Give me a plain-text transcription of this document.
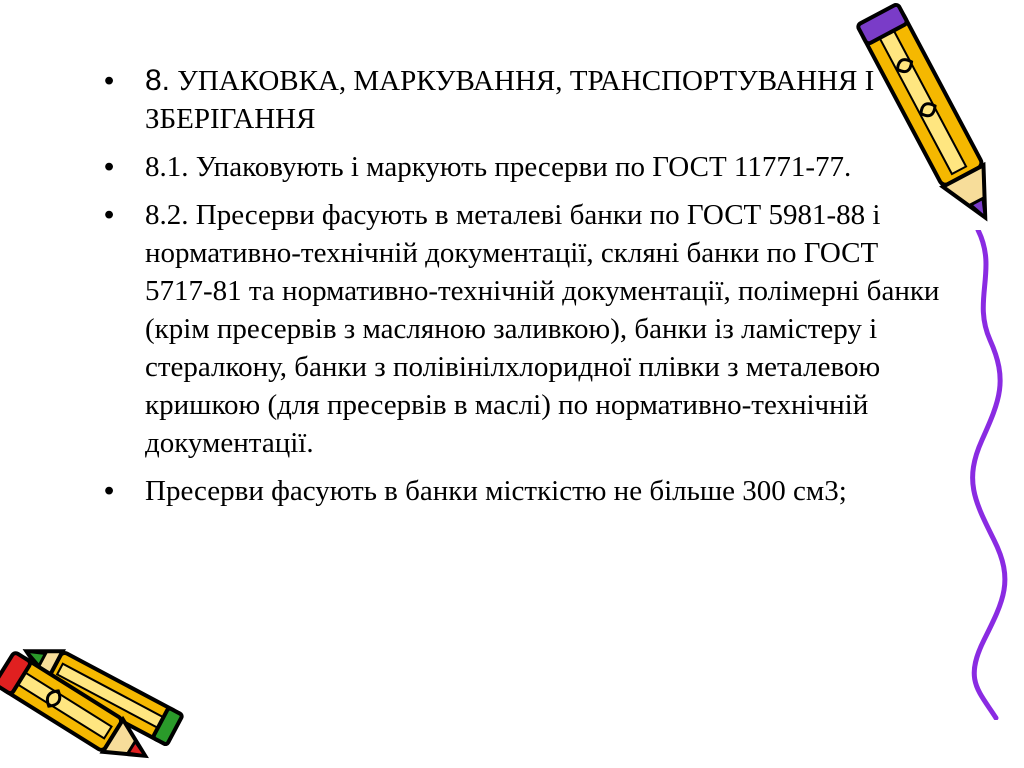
• 8. УПАКОВКА, МАРКУВАННЯ, ТРАНСПОРТУВАННЯ І ЗБЕРІГАННЯ
• 8.1. Упаковують і маркують пресерви по ГОСТ 11771-77.
• 8.2. Пресерви фасують в металеві банки по ГОСТ 5981-88 і нормативно-технічній документації, скляні банки по ГОСТ 5717-81 та нормативно-технічній документації, полімерні банки (крім пресервів з масляною заливкою), банки із ламістеру і стералкону, банки з полівінілхлоридної плівки з металевою кришкою (для пресервів в маслі) по нормативно-технічній документації.
• Пресерви фасують в банки місткістю не більше 300 см3;
